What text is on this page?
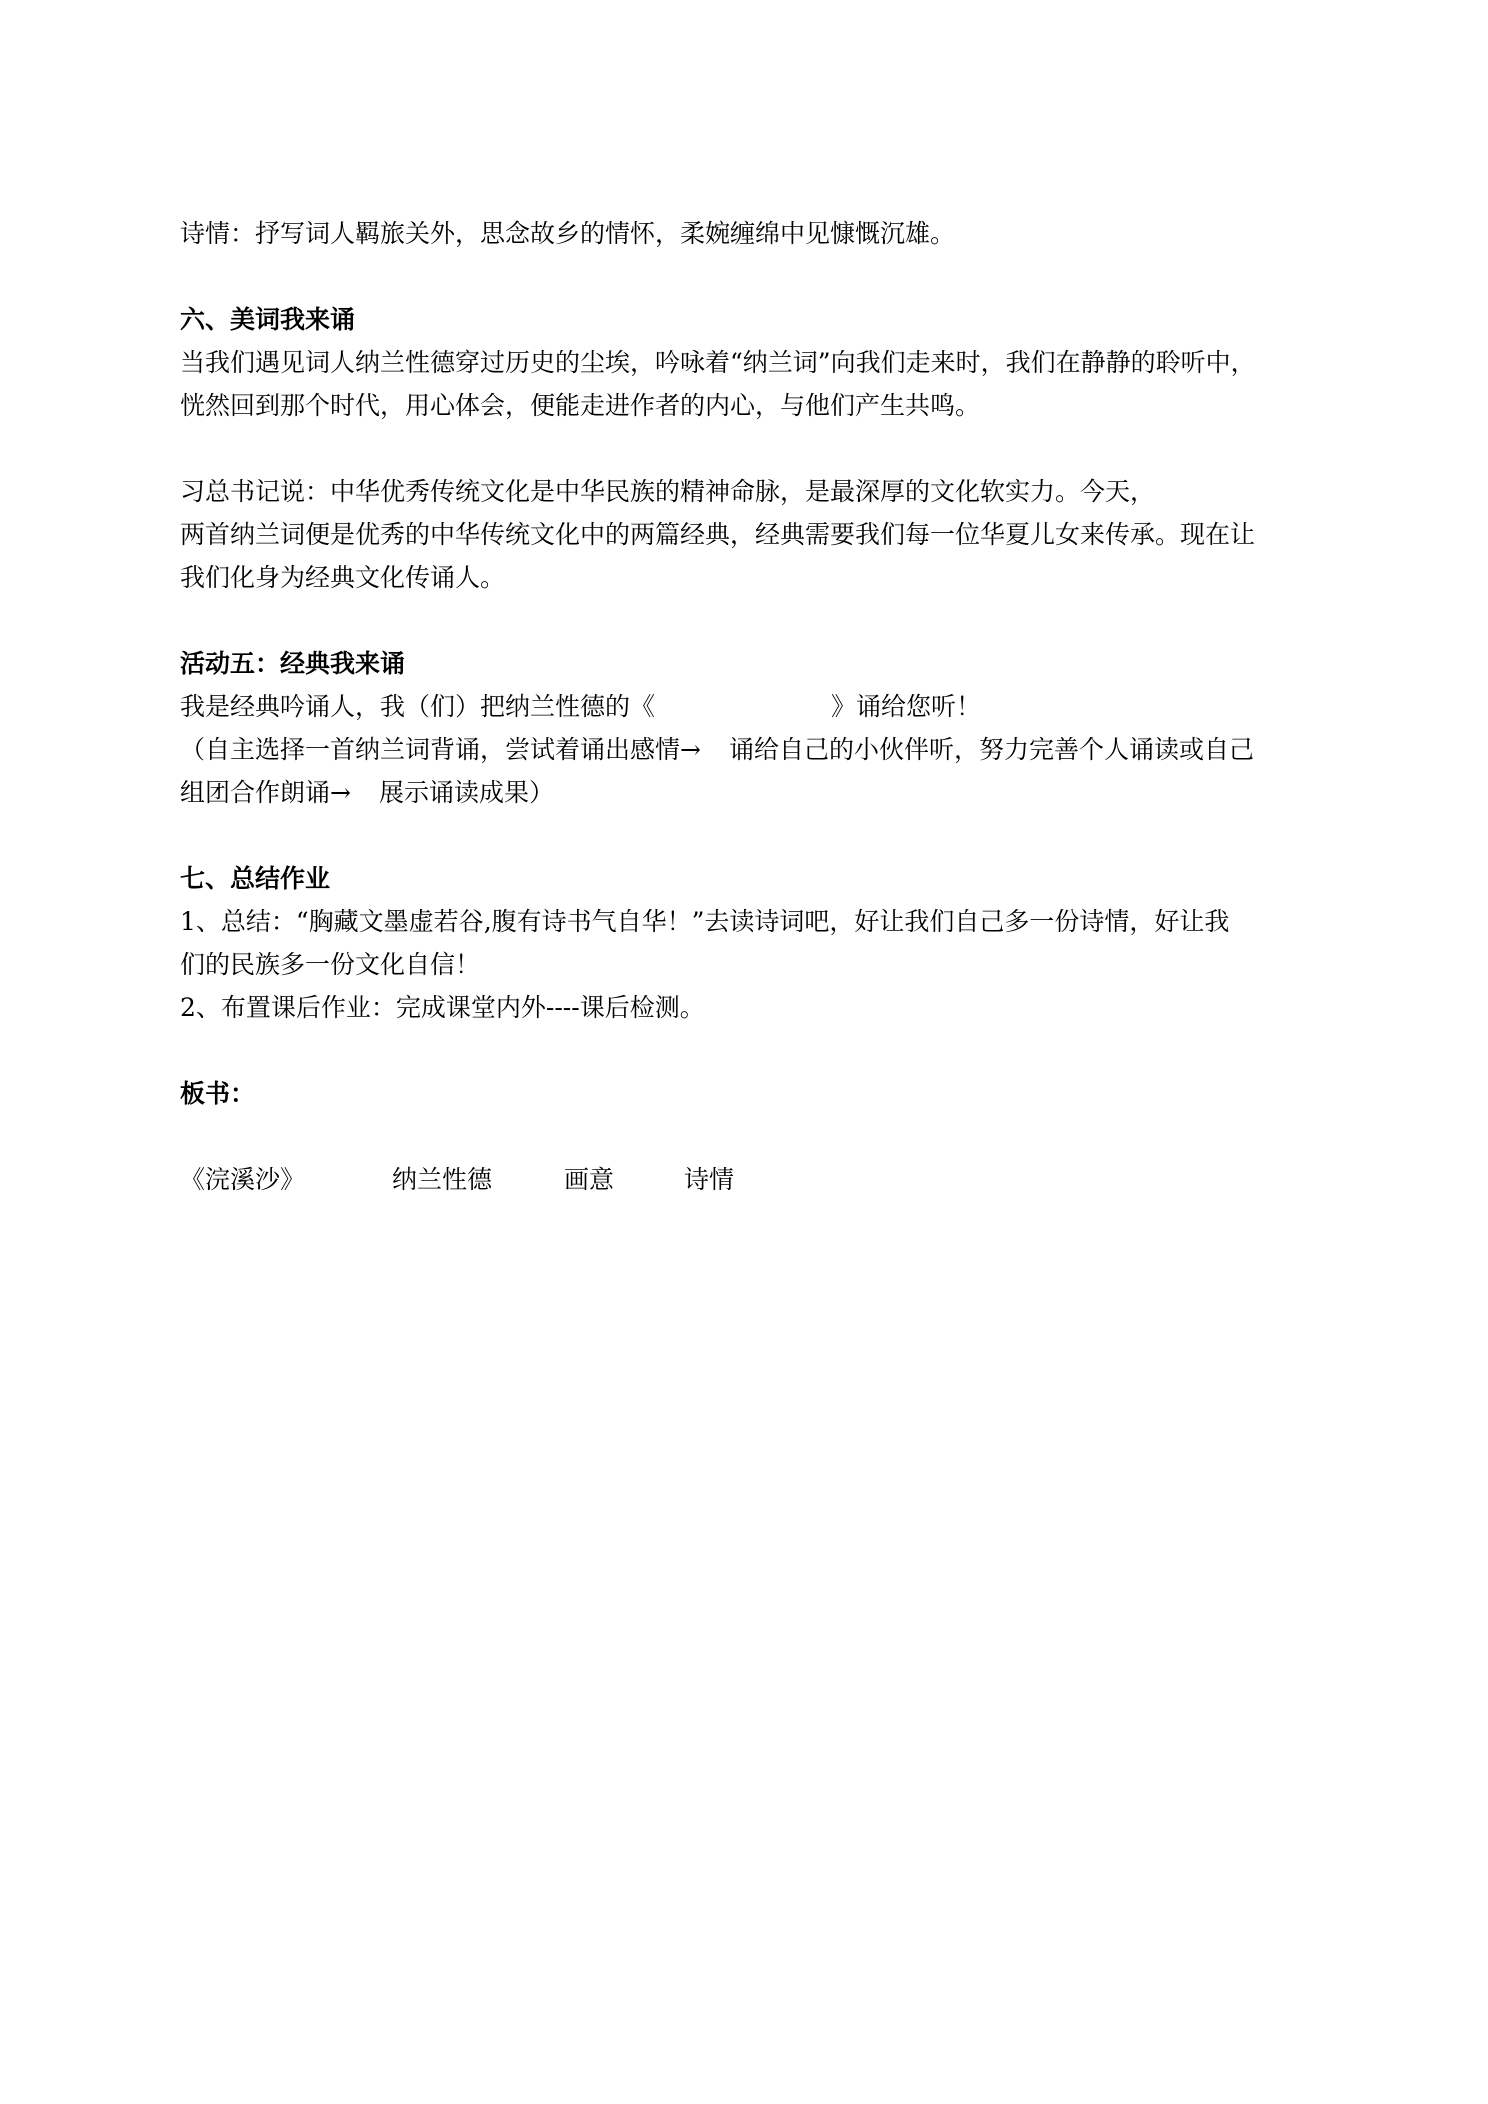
诗情：抒写词人羁旅关外，思念故乡的情怀，柔婉缠绵中见慷慨沉雄。

六、美词我来诵

当我们遇见词人纳兰性德穿过历史的尘埃，吟咏着“纳兰词”向我们走来时，我们在静静的聆听中，

恍然回到那个时代，用心体会，便能走进作者的内心，与他们产生共鸣。

习总书记说：中华优秀传统文化是中华民族的精神命脉，是最深厚的文化软实力。今天，

两首纳兰词便是优秀的中华传统文化中的两篇经典，经典需要我们每一位华夏儿女来传承。现在让

我们化身为经典文化传诵人。

活动五：经典我来诵

我是经典吟诵人，我（们）把纳兰性德的《	》诵给您听！

（自主选择一首纳兰词背诵，尝试着诵出感情→ 诵给自己的小伙伴听，努力完善个人诵读或自己

组团合作朗诵→ 展示诵读成果）

七、总结作业

1、总结：“胸藏文墨虚若谷,腹有诗书气自华！”去读诗词吧，好让我们自己多一份诗情，好让我

们的民族多一份文化自信！

2、布置课后作业：完成课堂内外----课后检测。

板书：

《浣溪沙》	纳兰性德	画意	诗情
